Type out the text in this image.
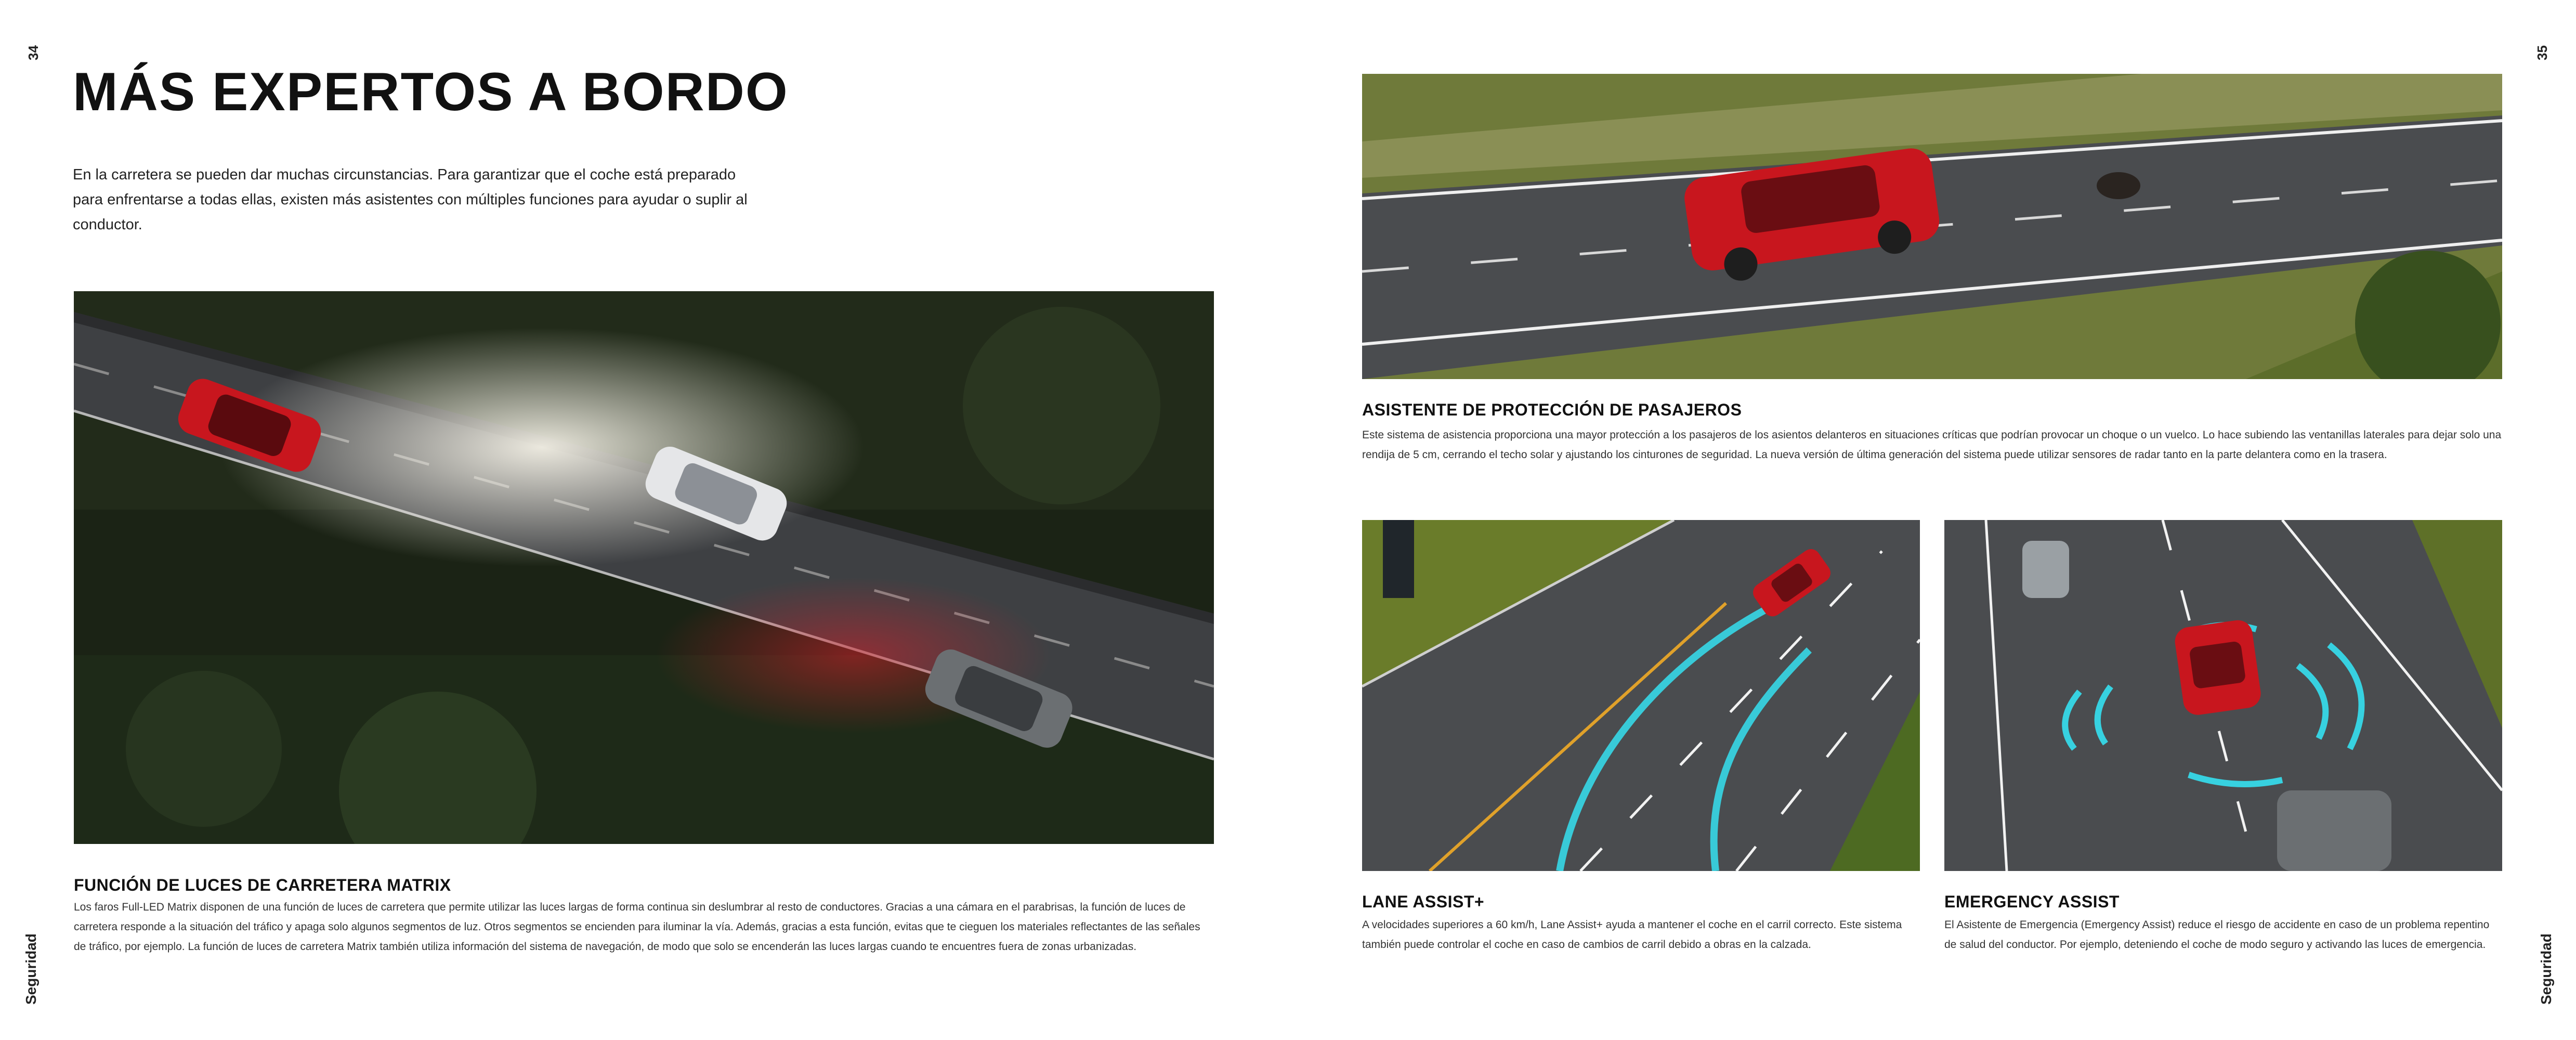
34	35
Seguridad	Seguridad
MÁS EXPERTOS A BORDO

En la carretera se pueden dar muchas circunstancias. Para garantizar que el coche está preparado para enfrentarse a todas ellas, existen más asistentes con múltiples funciones para ayudar o suplir al conductor.

FUNCIÓN DE LUCES DE CARRETERA MATRIX

Los faros Full-LED Matrix disponen de una función de luces de carretera que permite utilizar las luces largas de forma continua sin deslumbrar al resto de conductores. Gracias a una cámara en el parabrisas, la función de luces de carretera responde a la situación del tráfico y apaga solo algunos segmentos de luz. Otros segmentos se encienden para iluminar la vía. Además, gracias a esta función, evitas que te cieguen los materiales reflectantes de las señales de tráfico, por ejemplo. La función de luces de carretera Matrix también utiliza información del sistema de navegación, de modo que solo se encenderán las luces largas cuando te encuentres fuera de zonas urbanizadas.

ASISTENTE DE PROTECCIÓN DE PASAJEROS

Este sistema de asistencia proporciona una mayor protección a los pasajeros de los asientos delanteros en situaciones críticas que podrían provocar un choque o un vuelco. Lo hace subiendo las ventanillas laterales para dejar solo una rendija de 5 cm, cerrando el techo solar y ajustando los cinturones de seguridad. La nueva versión de última generación del sistema puede utilizar sensores de radar tanto en la parte delantera como en la trasera.

LANE ASSIST+

A velocidades superiores a 60 km/h, Lane Assist+ ayuda a mantener el coche en el carril correcto. Este sistema también puede controlar el coche en caso de cambios de carril debido a obras en la calzada.

EMERGENCY ASSIST

El Asistente de Emergencia (Emergency Assist) reduce el riesgo de accidente en caso de un problema repentino de salud del conductor. Por ejemplo, deteniendo el coche de modo seguro y activando las luces de emergencia.
